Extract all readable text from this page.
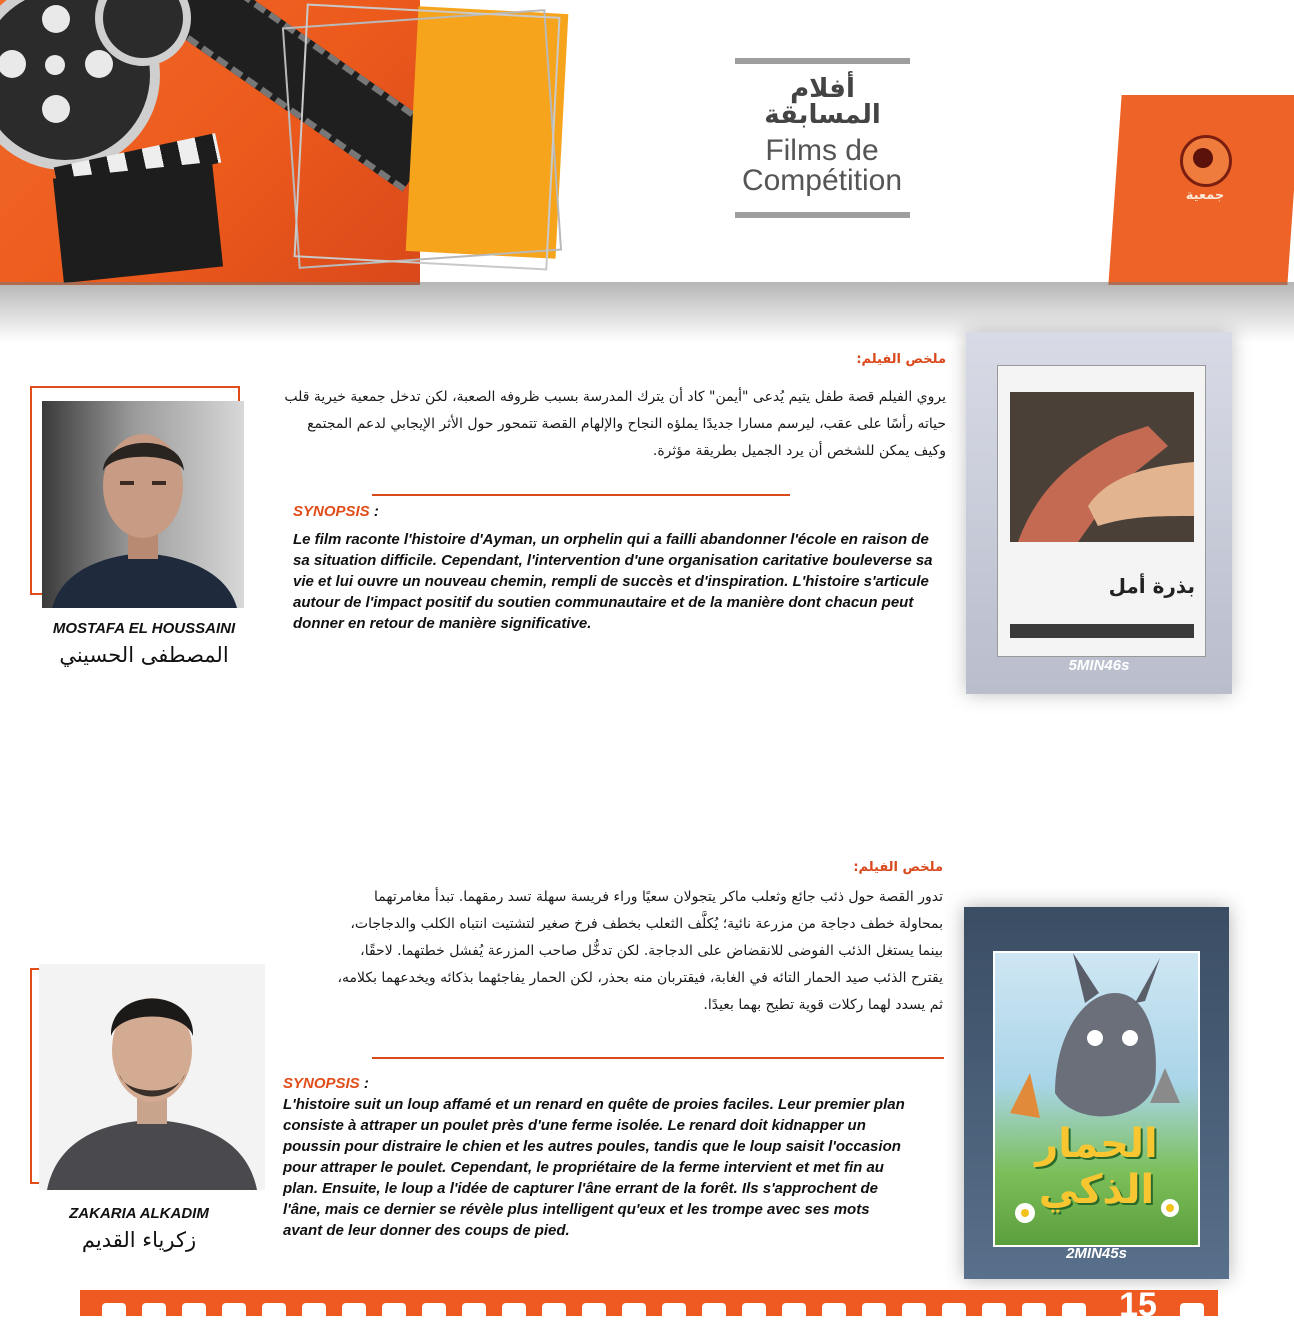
أفلام المسابقة
Films de Compétition	جمعية
MOSTAFA EL HOUSSAINI
المصطفى الحسيني
ملخص الفيلم:
يروي الفيلم قصة طفل يتيم يُدعى "أيمن" كاد أن يترك المدرسة بسبب ظروفه الصعبة، لكن تدخل جمعية خيرية قلب حياته رأسًا على عقب، ليرسم مسارا جديدًا يملؤه النجاح والإلهام القصة تتمحور حول الأثر الإيجابي لدعم المجتمع وكيف يمكن للشخص أن يرد الجميل بطريقة مؤثرة.
SYNOPSIS :
Le film raconte l'histoire d'Ayman, un orphelin qui a failli abandonner l'école en raison de sa situation difficile. Cependant, l'intervention d'une organisation caritative bouleverse sa vie et lui ouvre un nouveau chemin, rempli de succès et d'inspiration. L'histoire s'articule autour de l'impact positif du soutien communautaire et de la manière dont chacun peut donner en retour de manière significative.
بذرة أمل
5MIN46s
ZAKARIA ALKADIM
زكرياء القديم
ملخص الفيلم:
تدور القصة حول ذئب جائع وثعلب ماكر يتجولان سعيًا وراء فريسة سهلة تسد رمقهما. تبدأ مغامرتهما بمحاولة خطف دجاجة من مزرعة نائية؛ يُكلَّف الثعلب بخطف فرخ صغير لتشتيت انتباه الكلب والدجاجات، بينما يستغل الذئب الفوضى للانقضاض على الدجاجة. لكن تدخُّل صاحب المزرعة يُفشل خطتهما. لاحقًا، يقترح الذئب صيد الحمار التائه في الغابة، فيقتربان منه بحذر، لكن الحمار يفاجئهما بذكائه ويخدعهما بكلامه، ثم يسدد لهما ركلات قوية تطيح بهما بعيدًا.
SYNOPSIS :
L'histoire suit un loup affamé et un renard en quête de proies faciles. Leur premier plan consiste à attraper un poulet près d'une ferme isolée. Le renard doit kidnapper un poussin pour distraire le chien et les autres poules, tandis que le loup saisit l'occasion pour attraper le poulet. Cependant, le propriétaire de la ferme intervient et met fin au plan. Ensuite, le loup a l'idée de capturer l'âne errant de la forêt. Ils s'approchent de l'âne, mais ce dernier se révèle plus intelligent qu'eux et les trompe avec ses mots avant de leur donner des coups de pied.
الحمار الذكي
2MIN45s
15
